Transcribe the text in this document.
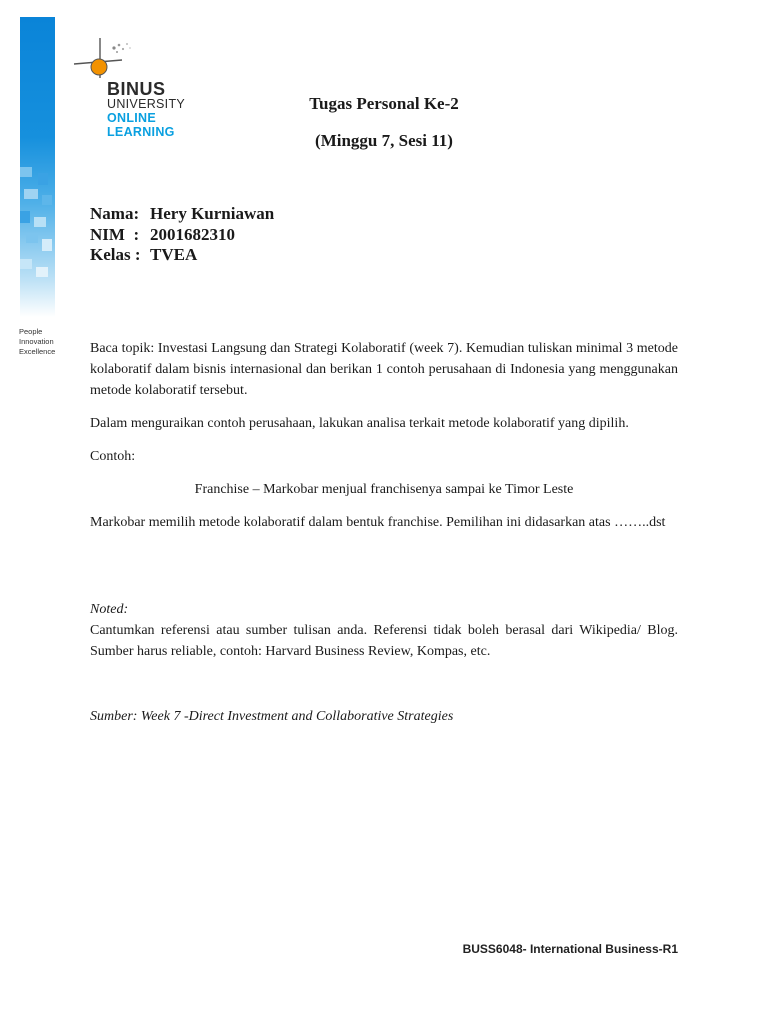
BINUS
UNIVERSITY
ONLINE
LEARNING
People
Innovation
Excellence
Tugas Personal Ke-2
(Minggu 7, Sesi 11)
Nama: Hery Kurniawan
NIM  : 2001682310
Kelas : TVEA

Baca topik: Investasi Langsung dan Strategi Kolaboratif (week 7). Kemudian tuliskan minimal 3 metode kolaboratif dalam bisnis internasional dan berikan 1 contoh perusahaan di Indonesia yang menggunakan metode kolaboratif tersebut.

Dalam menguraikan contoh perusahaan, lakukan analisa terkait metode kolaboratif yang dipilih.

Contoh:

Franchise – Markobar menjual franchisenya sampai ke Timor Leste

Markobar memilih metode kolaboratif dalam bentuk franchise. Pemilihan ini didasarkan atas ……..dst

Noted:
Cantumkan referensi atau sumber tulisan anda. Referensi tidak boleh berasal dari Wikipedia/ Blog. Sumber harus reliable, contoh: Harvard Business Review, Kompas, etc.
Sumber: Week 7 -Direct Investment and Collaborative Strategies
BUSS6048- International Business-R1
